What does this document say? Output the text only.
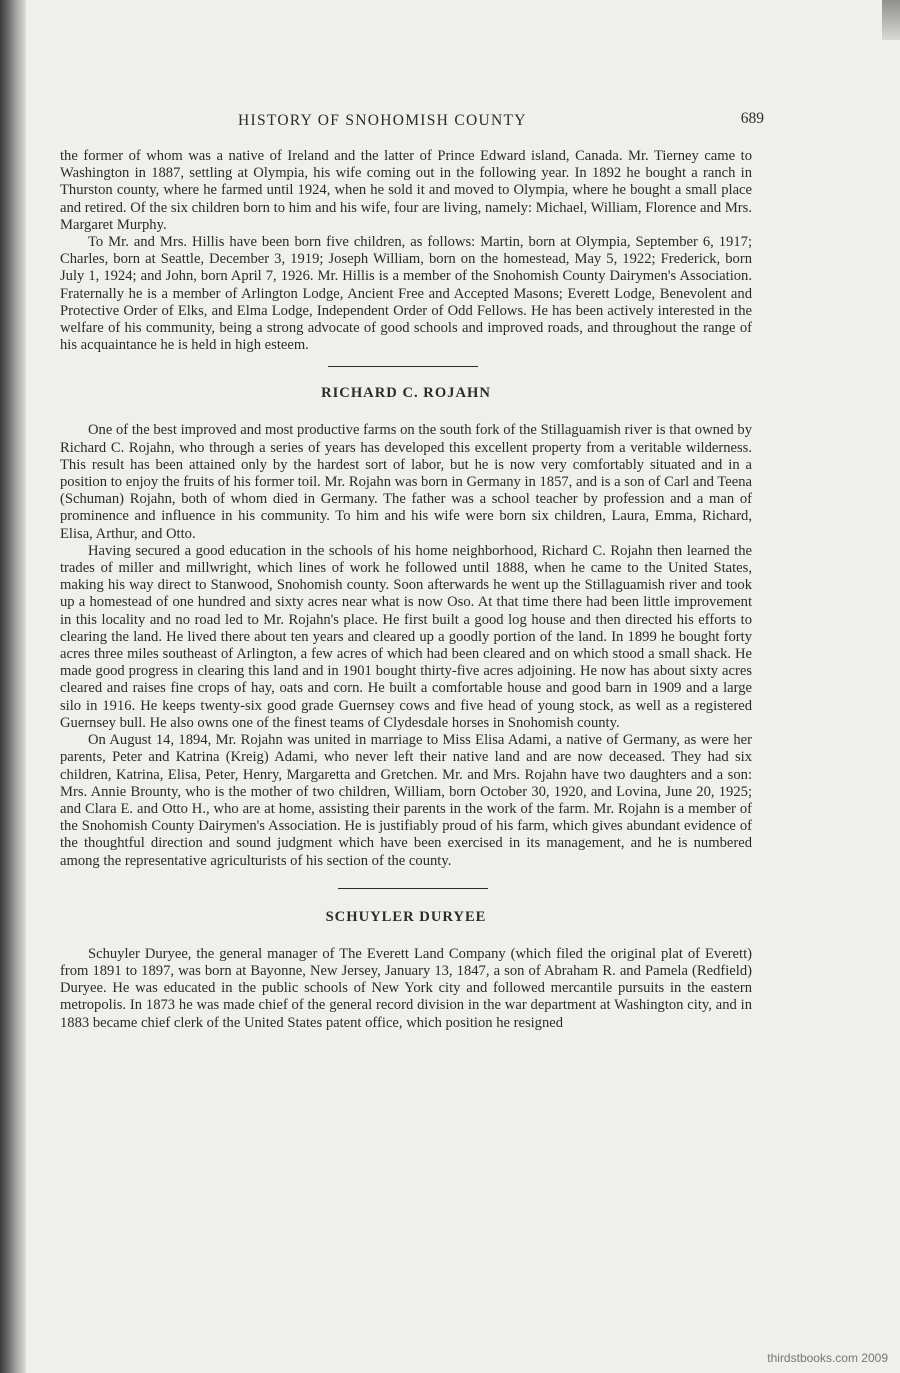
HISTORY OF SNOHOMISH COUNTY	689

the former of whom was a native of Ireland and the latter of Prince Edward island, Canada. Mr. Tierney came to Washington in 1887, settling at Olympia, his wife coming out in the following year. In 1892 he bought a ranch in Thurston county, where he farmed until 1924, when he sold it and moved to Olympia, where he bought a small place and retired. Of the six children born to him and his wife, four are living, namely: Michael, William, Florence and Mrs. Margaret Murphy.

To Mr. and Mrs. Hillis have been born five children, as follows: Martin, born at Olympia, September 6, 1917; Charles, born at Seattle, December 3, 1919; Joseph William, born on the homestead, May 5, 1922; Frederick, born July 1, 1924; and John, born April 7, 1926. Mr. Hillis is a member of the Snohomish County Dairymen's Association. Fraternally he is a member of Arlington Lodge, Ancient Free and Accepted Masons; Everett Lodge, Benevolent and Protective Order of Elks, and Elma Lodge, Independent Order of Odd Fellows. He has been actively interested in the welfare of his community, being a strong advocate of good schools and improved roads, and throughout the range of his acquaintance he is held in high esteem.

RICHARD C. ROJAHN

One of the best improved and most productive farms on the south fork of the Stillaguamish river is that owned by Richard C. Rojahn, who through a series of years has developed this excellent property from a veritable wilderness. This result has been attained only by the hardest sort of labor, but he is now very comfortably situated and in a position to enjoy the fruits of his former toil. Mr. Rojahn was born in Germany in 1857, and is a son of Carl and Teena (Schuman) Rojahn, both of whom died in Germany. The father was a school teacher by profession and a man of prominence and influence in his community. To him and his wife were born six children, Laura, Emma, Richard, Elisa, Arthur, and Otto.

Having secured a good education in the schools of his home neighborhood, Richard C. Rojahn then learned the trades of miller and millwright, which lines of work he followed until 1888, when he came to the United States, making his way direct to Stanwood, Snohomish county. Soon afterwards he went up the Stillaguamish river and took up a homestead of one hundred and sixty acres near what is now Oso. At that time there had been little improvement in this locality and no road led to Mr. Rojahn's place. He first built a good log house and then directed his efforts to clearing the land. He lived there about ten years and cleared up a goodly portion of the land. In 1899 he bought forty acres three miles southeast of Arlington, a few acres of which had been cleared and on which stood a small shack. He made good progress in clearing this land and in 1901 bought thirty-five acres adjoining. He now has about sixty acres cleared and raises fine crops of hay, oats and corn. He built a comfortable house and good barn in 1909 and a large silo in 1916. He keeps twenty-six good grade Guernsey cows and five head of young stock, as well as a registered Guernsey bull. He also owns one of the finest teams of Clydesdale horses in Snohomish county.

On August 14, 1894, Mr. Rojahn was united in marriage to Miss Elisa Adami, a native of Germany, as were her parents, Peter and Katrina (Kreig) Adami, who never left their native land and are now deceased. They had six children, Katrina, Elisa, Peter, Henry, Margaretta and Gretchen. Mr. and Mrs. Rojahn have two daughters and a son: Mrs. Annie Brounty, who is the mother of two children, William, born October 30, 1920, and Lovina, June 20, 1925; and Clara E. and Otto H., who are at home, assisting their parents in the work of the farm. Mr. Rojahn is a member of the Snohomish County Dairymen's Association. He is justifiably proud of his farm, which gives abundant evidence of the thoughtful direction and sound judgment which have been exercised in its management, and he is numbered among the representative agriculturists of his section of the county.

SCHUYLER DURYEE

Schuyler Duryee, the general manager of The Everett Land Company (which filed the original plat of Everett) from 1891 to 1897, was born at Bayonne, New Jersey, January 13, 1847, a son of Abraham R. and Pamela (Redfield) Duryee. He was educated in the public schools of New York city and followed mercantile pursuits in the eastern metropolis. In 1873 he was made chief of the general record division in the war department at Washington city, and in 1883 became chief clerk of the United States patent office, which position he resigned

thirdstbooks.com 2009
